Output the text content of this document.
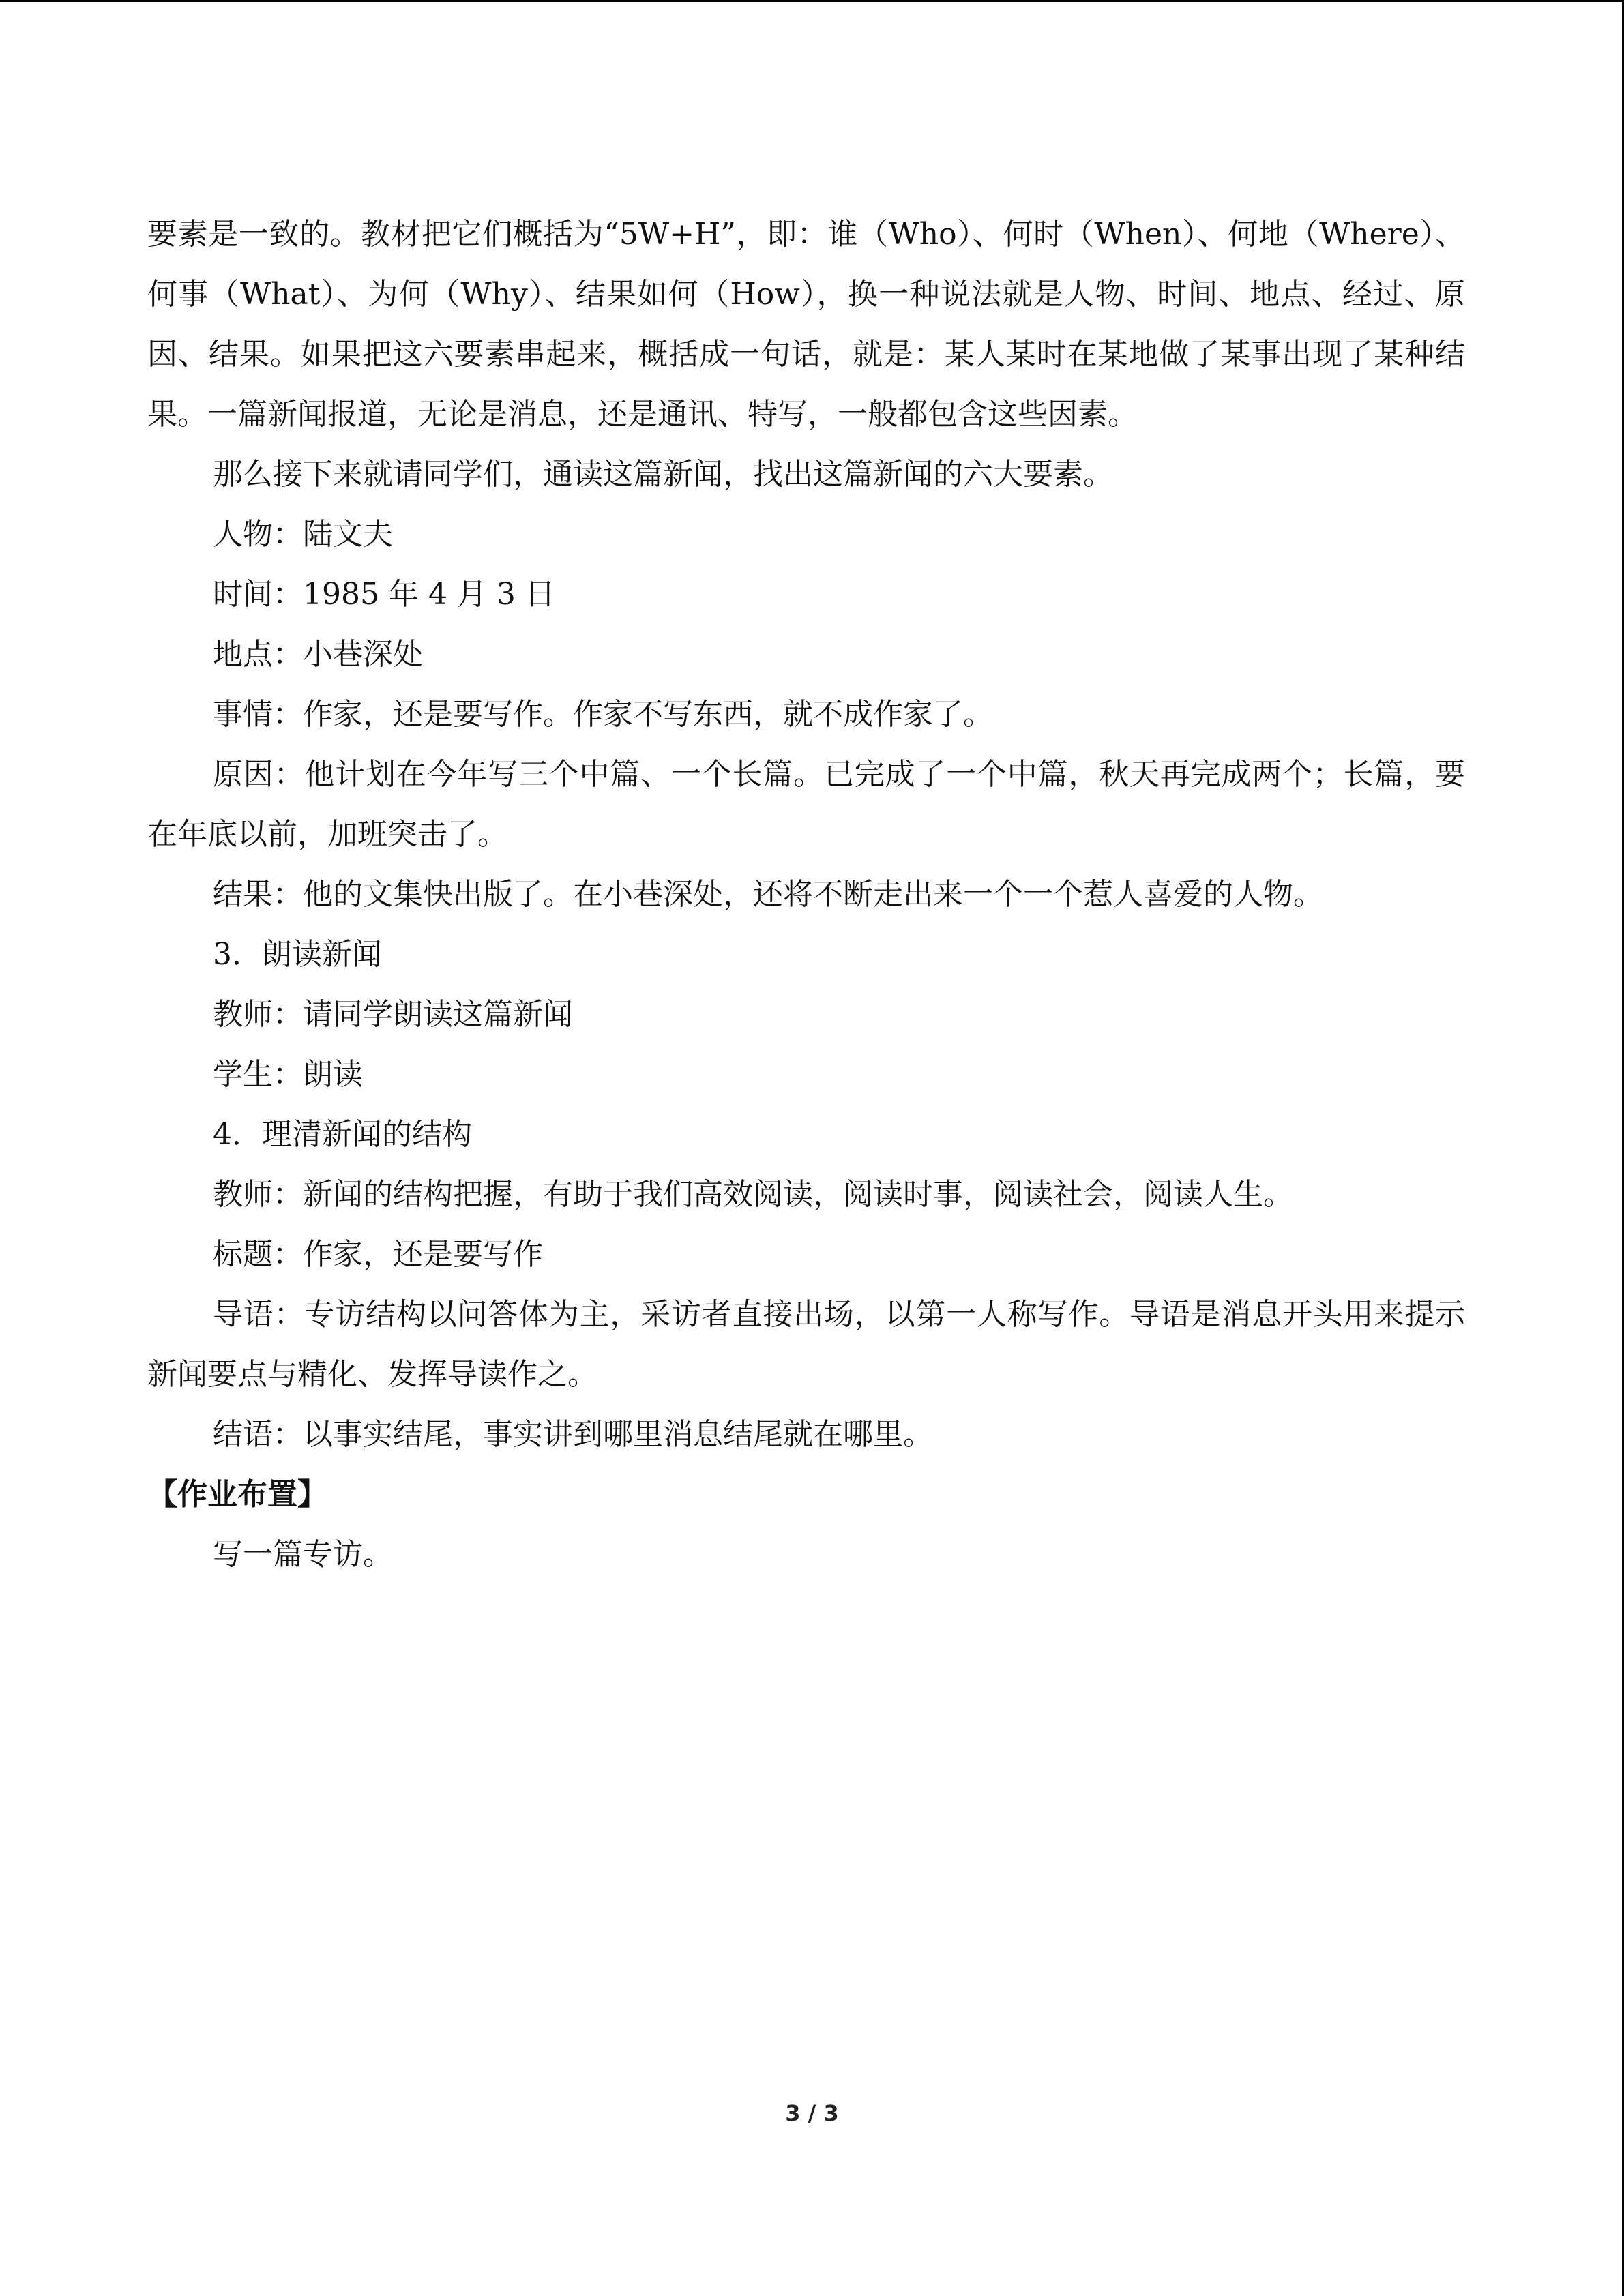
要素是一致的。教材把它们概括为“5W+H”，即：谁（Who）、何时（When）、何地（Where）、何事（What）、为何（Why）、结果如何（How），换一种说法就是人物、时间、地点、经过、原因、结果。如果把这六要素串起来，概括成一句话，就是：某人某时在某地做了某事出现了某种结果。一篇新闻报道，无论是消息，还是通讯、特写，一般都包含这些因素。

那么接下来就请同学们，通读这篇新闻，找出这篇新闻的六大要素。

人物：陆文夫

时间：1985 年 4 月 3 日

地点：小巷深处

事情：作家，还是要写作。作家不写东西，就不成作家了。

原因：他计划在今年写三个中篇、一个长篇。已完成了一个中篇，秋天再完成两个；长篇，要在年底以前，加班突击了。

结果：他的文集快出版了。在小巷深处，还将不断走出来一个一个惹人喜爱的人物。

3．朗读新闻

教师：请同学朗读这篇新闻

学生：朗读

4．理清新闻的结构

教师：新闻的结构把握，有助于我们高效阅读，阅读时事，阅读社会，阅读人生。

标题：作家，还是要写作

导语：专访结构以问答体为主，采访者直接出场，以第一人称写作。导语是消息开头用来提示新闻要点与精化、发挥导读作之。

结语：以事实结尾，事实讲到哪里消息结尾就在哪里。

【作业布置】

写一篇专访。

3 / 3
